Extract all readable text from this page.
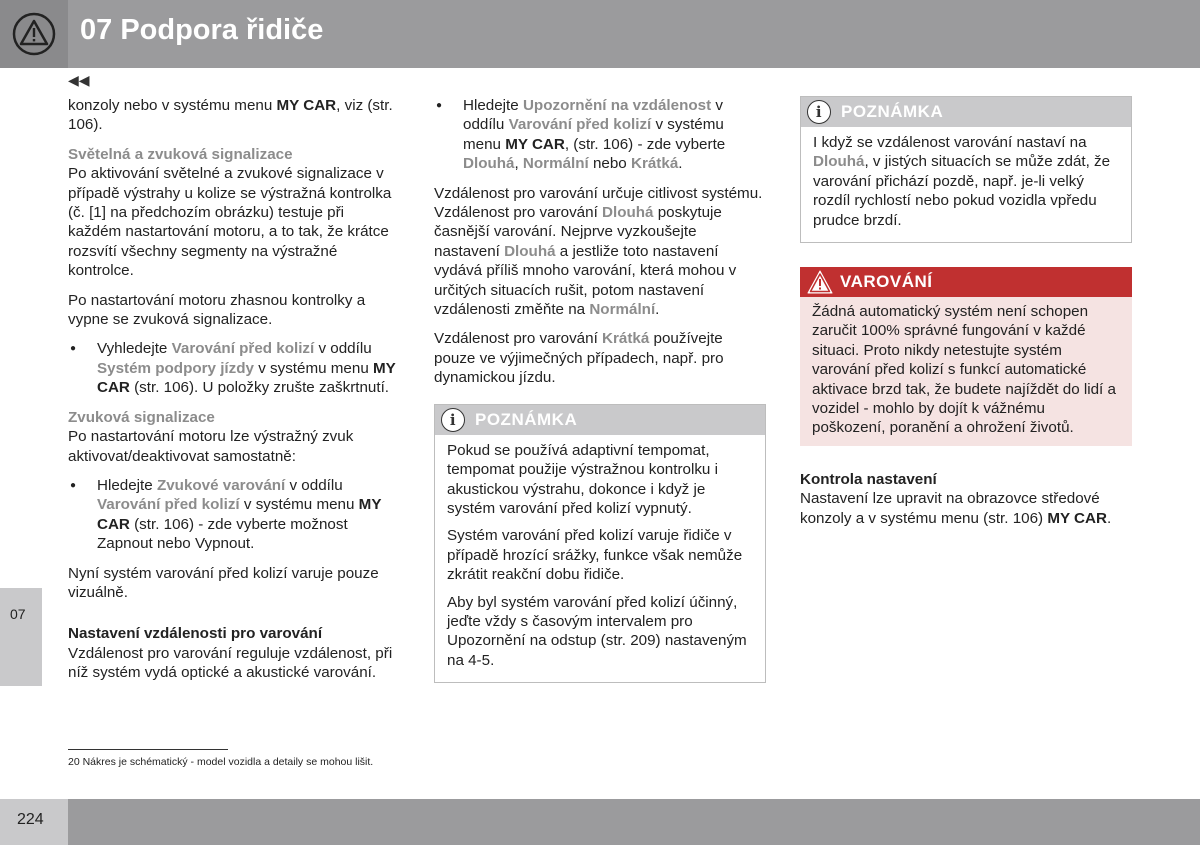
07 Podpora řidiče
◀◀
07

konzoly nebo v systému menu MY CAR, viz (str. 106).

Světelná a zvuková signalizace

Po aktivování světelné a zvukové signalizace v případě výstrahy u kolize se výstražná kontrolka (č. [1] na předchozím obrázku) testuje při každém nastartování motoru, a to tak, že krátce rozsvítí všechny segmenty na výstražné kontrolce.

Po nastartování motoru zhasnou kontrolky a vypne se zvuková signalizace.

● Vyhledejte Varování před kolizí v oddílu Systém podpory jízdy v systému menu MY CAR (str. 106). U položky zrušte zaškrtnutí.

Zvuková signalizace

Po nastartování motoru lze výstražný zvuk aktivovat/deaktivovat samostatně:

● Hledejte Zvukové varování v oddílu Varování před kolizí v systému menu MY CAR (str. 106) - zde vyberte možnost Zapnout nebo Vypnout.

Nyní systém varování před kolizí varuje pouze vizuálně.

Nastavení vzdálenosti pro varování

Vzdálenost pro varování reguluje vzdálenost, při níž systém vydá optické a akustické varování.

● Hledejte Upozornění na vzdálenost v oddílu Varování před kolizí v systému menu MY CAR, (str. 106) - zde vyberte Dlouhá, Normální nebo Krátká.

Vzdálenost pro varování určuje citlivost systému. Vzdálenost pro varování Dlouhá poskytuje časnější varování. Nejprve vyzkoušejte nastavení Dlouhá a jestliže toto nastavení vydává příliš mnoho varování, která mohou v určitých situacích rušit, potom nastavení vzdálenosti změňte na Normální.

Vzdálenost pro varování Krátká používejte pouze ve výjimečných případech, např. pro dynamickou jízdu.

i	POZNÁMKA

Pokud se používá adaptivní tempomat, tempomat použije výstražnou kontrolku i akustickou výstrahu, dokonce i když je systém varování před kolizí vypnutý.

Systém varování před kolizí varuje řidiče v případě hrozící srážky, funkce však nemůže zkrátit reakční dobu řidiče.

Aby byl systém varování před kolizí účinný, jeďte vždy s časovým intervalem pro Upozornění na odstup (str. 209) nastaveným na 4-5.

i	POZNÁMKA

I když se vzdálenost varování nastaví na Dlouhá, v jistých situacích se může zdát, že varování přichází pozdě, např. je-li velký rozdíl rychlostí nebo pokud vozidla vpředu prudce brzdí.

VAROVÁNÍ
Žádná automatický systém není schopen zaručit 100% správné fungování v každé situaci. Proto nikdy netestujte systém varování před kolizí s funkcí automatické aktivace brzd tak, že budete najíždět do lidí a vozidel - mohlo by dojít k vážnému poškození, poranění a ohrožení životů.

Kontrola nastavení

Nastavení lze upravit na obrazovce středové konzoly a v systému menu (str. 106) MY CAR.

20 Nákres je schématický - model vozidla a detaily se mohou lišit.
224
